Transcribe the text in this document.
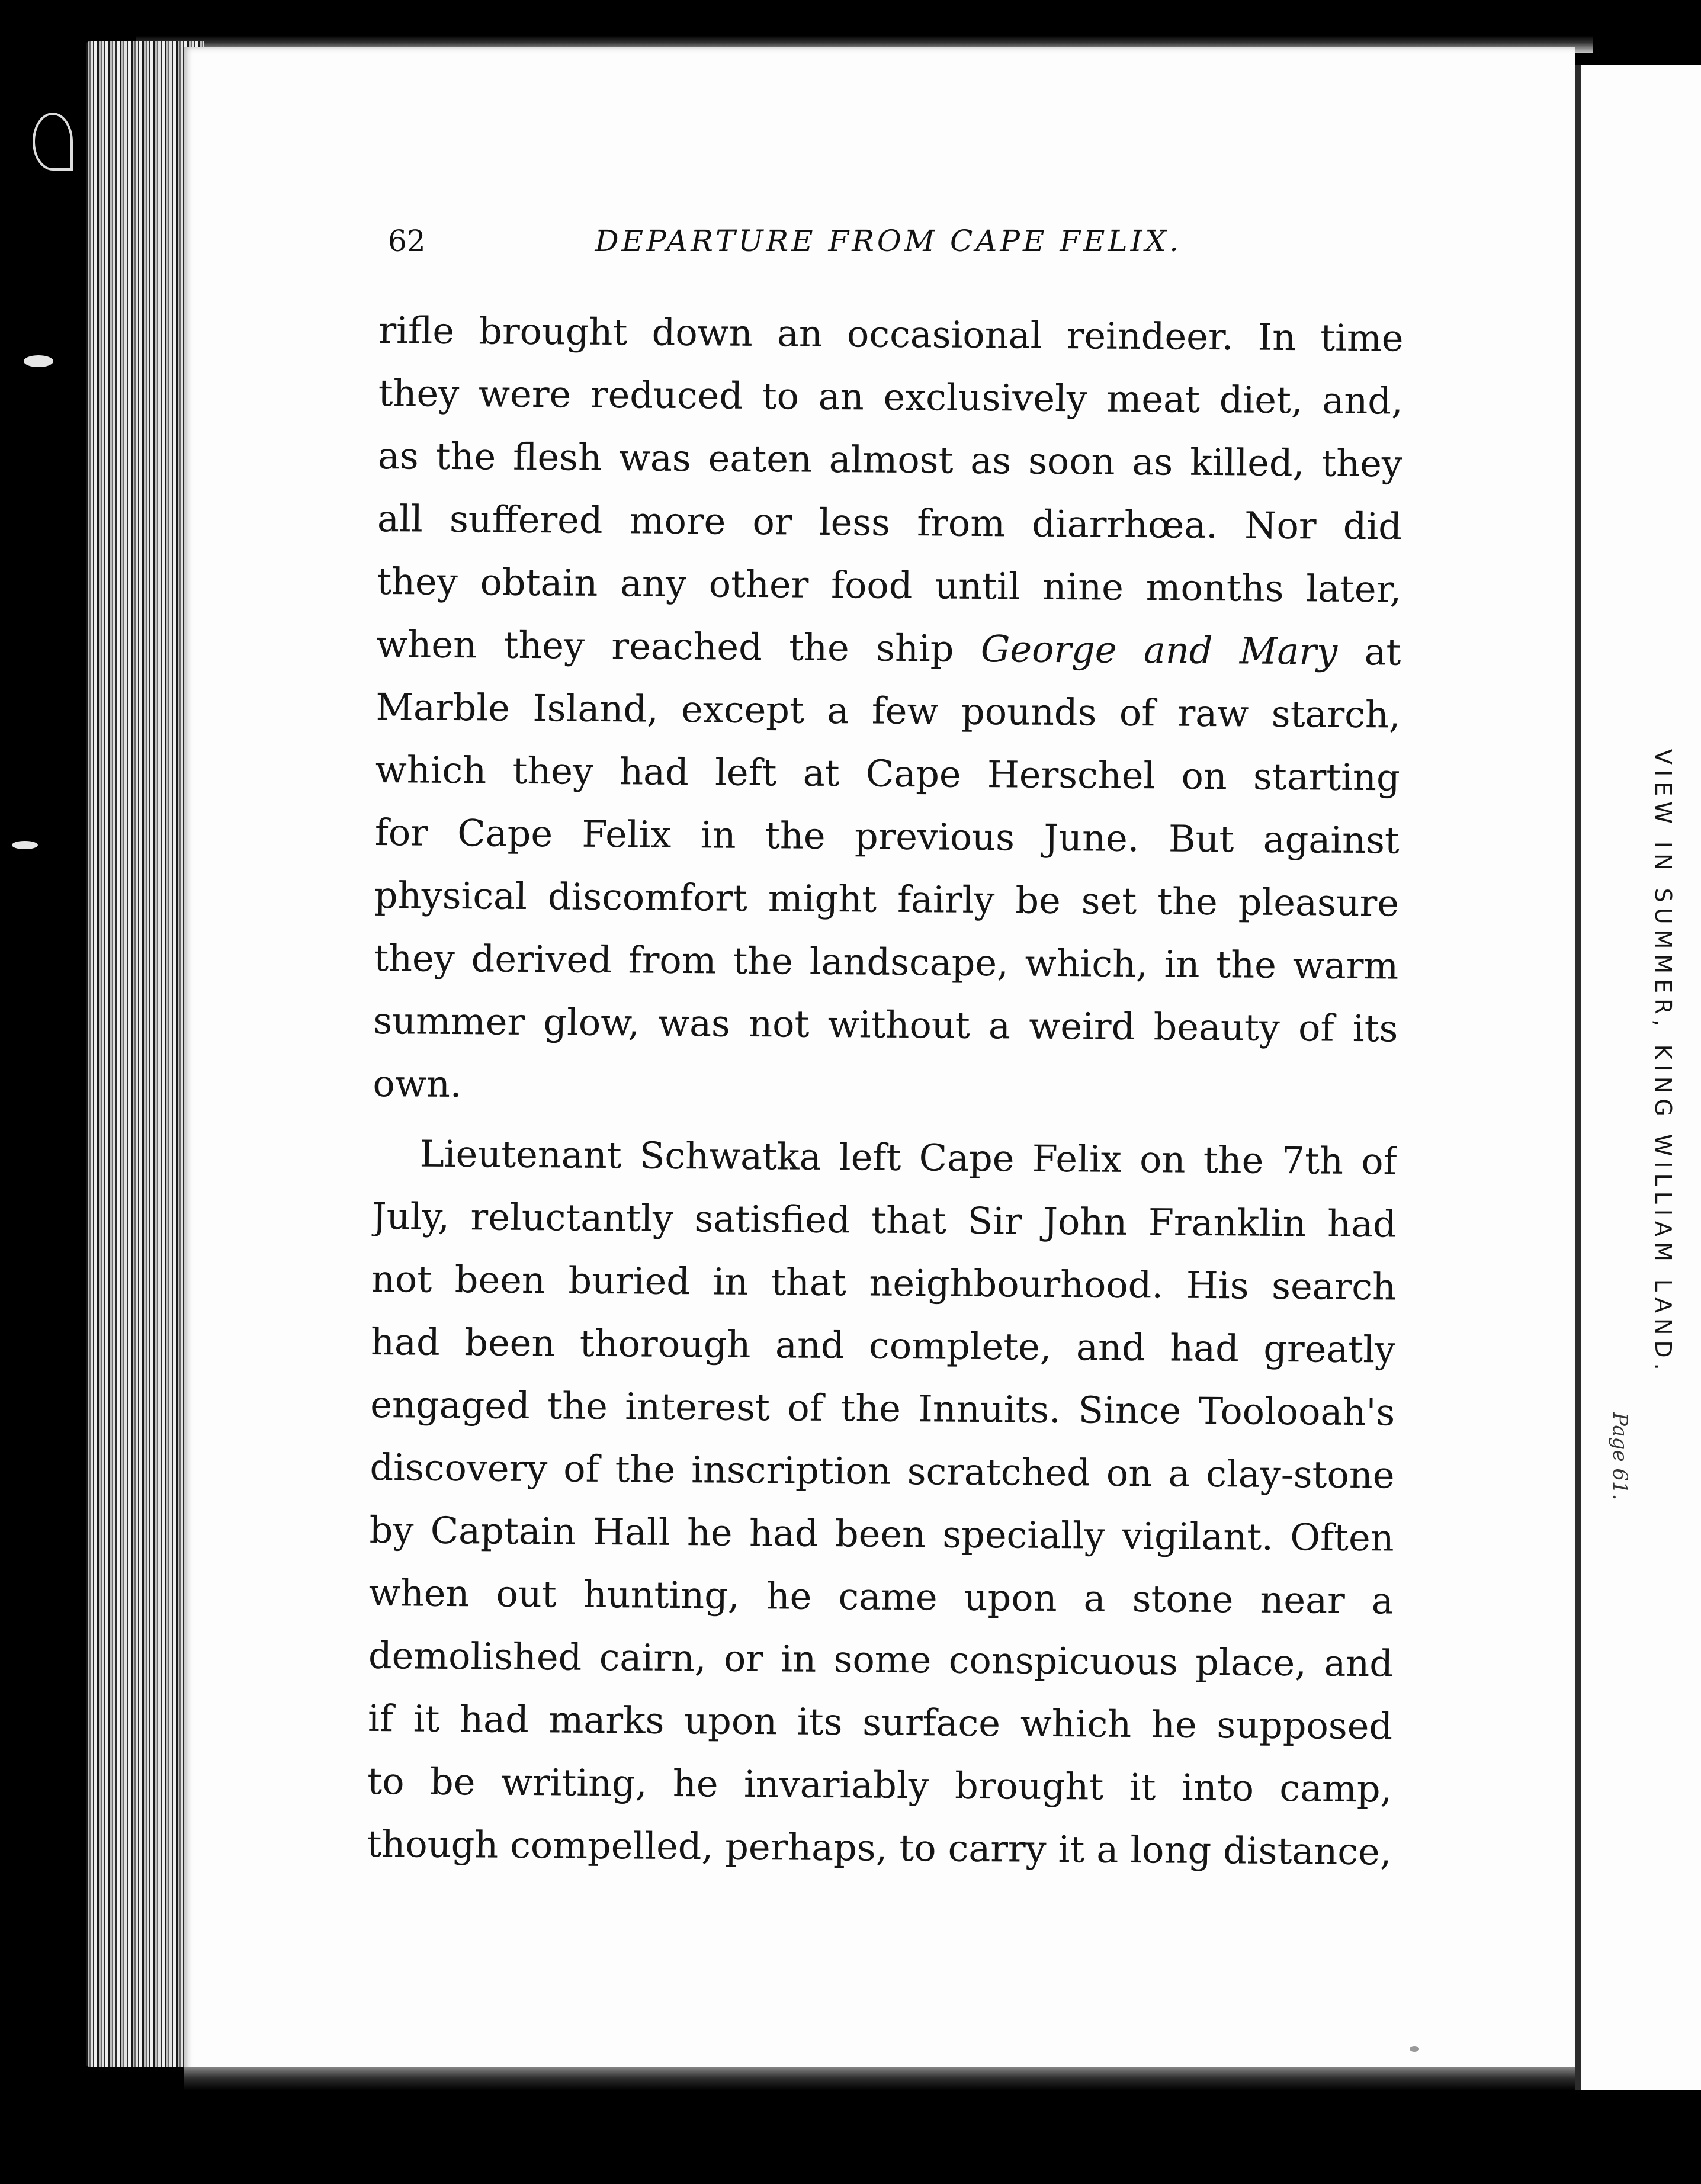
VIEW IN SUMMER, KING WILLIAM LAND.
Page 61.
62	DEPARTURE FROM CAPE FELIX.
rifle brought down an occasional reindeer. In time
they were reduced to an exclusively meat diet, and,
as the flesh was eaten almost as soon as killed, they
all suffered more or less from diarrhœa. Nor did
they obtain any other food until nine months later,
when they reached the ship George and Mary at
Marble Island, except a few pounds of raw starch,
which they had left at Cape Herschel on starting
for Cape Felix in the previous June. But against
physical discomfort might fairly be set the pleasure
they derived from the landscape, which, in the warm
summer glow, was not without a weird beauty of its
own.
Lieutenant Schwatka left Cape Felix on the 7th of
July, reluctantly satisfied that Sir John Franklin had
not been buried in that neighbourhood. His search
had been thorough and complete, and had greatly
engaged the interest of the Innuits. Since Toolooah's
discovery of the inscription scratched on a clay-stone
by Captain Hall he had been specially vigilant. Often
when out hunting, he came upon a stone near a
demolished cairn, or in some conspicuous place, and
if it had marks upon its surface which he supposed
to be writing, he invariably brought it into camp,
though compelled, perhaps, to carry it a long distance,
